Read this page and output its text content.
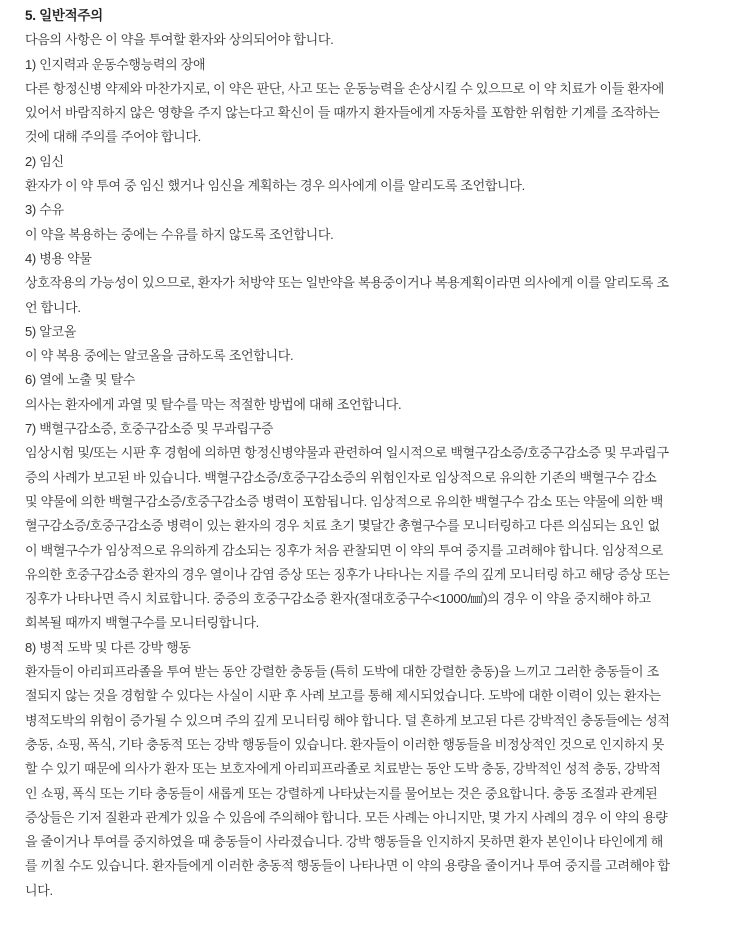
5. 일반적주의
다음의 사항은 이 약을 투여할 환자와 상의되어야 합니다.
1) 인지력과 운동수행능력의 장애
다른 항정신병 약제와 마찬가지로, 이 약은 판단, 사고 또는 운동능력을 손상시킬 수 있으므로 이 약 치료가 이들 환자에
있어서 바람직하지 않은 영향을 주지 않는다고 확신이 들 때까지 환자들에게 자동차를 포함한 위험한 기계를 조작하는
것에 대해 주의를 주어야 합니다.
2) 임신
환자가 이 약 투여 중 임신 했거나 임신을 계획하는 경우 의사에게 이를 알리도록 조언합니다.
3) 수유
이 약을 복용하는 중에는 수유를 하지 않도록 조언합니다.
4) 병용 약물
상호작용의 가능성이 있으므로, 환자가 처방약 또는 일반약을 복용중이거나 복용계획이라면 의사에게 이를 알리도록 조
언 합니다.
5) 알코올
이 약 복용 중에는 알코올을 금하도록 조언합니다.
6) 열에 노출 및 탈수
의사는 환자에게 과열 및 탈수를 막는 적절한 방법에 대해 조언합니다.
7) 백혈구감소증, 호중구감소증 및 무과립구증
임상시험 및/또는 시판 후 경험에 의하면 항정신병약물과 관련하여 일시적으로 백혈구감소증/호중구감소증 및 무과립구
증의 사례가 보고된 바 있습니다. 백혈구감소증/호중구감소증의 위험인자로 임상적으로 유의한 기존의 백혈구수 감소
및 약물에 의한 백혈구감소증/호중구감소증 병력이 포함됩니다. 임상적으로 유의한 백혈구수 감소 또는 약물에 의한 백
혈구감소증/호중구감소증 병력이 있는 환자의 경우 치료 초기 몇달간 총혈구수를 모니터링하고 다른 의심되는 요인 없
이 백혈구수가 임상적으로 유의하게 감소되는 징후가 처음 관찰되면 이 약의 투여 중지를 고려해야 합니다. 임상적으로
유의한 호중구감소증 환자의 경우 열이나 감염 증상 또는 징후가 나타나는 지를 주의 깊게 모니터링 하고 해당 증상 또는
징후가 나타나면 즉시 치료합니다. 중증의 호중구감소증 환자(절대호중구수<1000/㎣)의 경우 이 약을 중지해야 하고
회복될 때까지 백혈구수를 모니터링합니다.
8) 병적 도박 및 다른 강박 행동
환자들이 아리피프라졸을 투여 받는 동안 강렬한 충동들 (특히 도박에 대한 강렬한 충동)을 느끼고 그러한 충동들이 조
절되지 않는 것을 경험할 수 있다는 사실이 시판 후 사례 보고를 통해 제시되었습니다. 도박에 대한 이력이 있는 환자는
병적도박의 위험이 증가될 수 있으며 주의 깊게 모니터링 해야 합니다. 덜 흔하게 보고된 다른 강박적인 충동들에는 성적
충동, 쇼핑, 폭식, 기타 충동적 또는 강박 행동들이 있습니다. 환자들이 이러한 행동들을 비정상적인 것으로 인지하지 못
할 수 있기 때문에 의사가 환자 또는 보호자에게 아리피프라졸로 치료받는 동안 도박 충동, 강박적인 성적 충동, 강박적
인 쇼핑, 폭식 또는 기타 충동들이 새롭게 또는 강렬하게 나타났는지를 물어보는 것은 중요합니다. 충동 조절과 관계된
증상들은 기저 질환과 관계가 있을 수 있음에 주의해야 합니다. 모든 사례는 아니지만, 몇 가지 사례의 경우 이 약의 용량
을 줄이거나 투여를 중지하였을 때 충동들이 사라졌습니다. 강박 행동들을 인지하지 못하면 환자 본인이나 타인에게 해
를 끼칠 수도 있습니다. 환자들에게 이러한 충동적 행동들이 나타나면 이 약의 용량을 줄이거나 투여 중지를 고려해야 합
니다.
